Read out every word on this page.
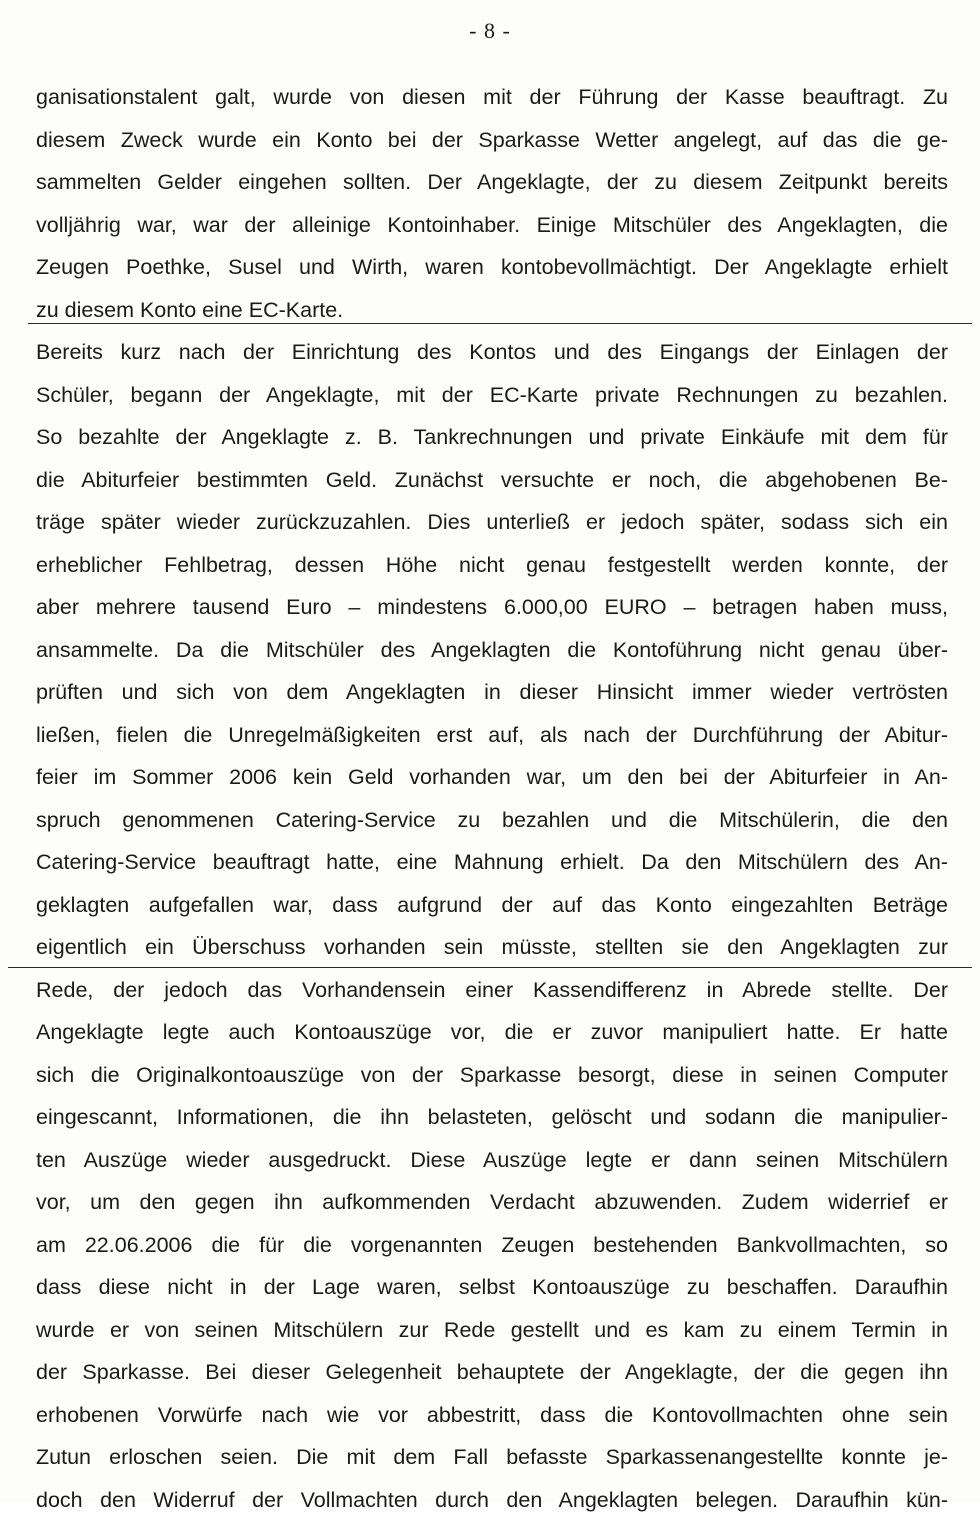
- 8 -
ganisationstalent galt, wurde von diesen mit der Führung der Kasse beauftragt. Zu
diesem Zweck wurde ein Konto bei der Sparkasse Wetter angelegt, auf das die ge-
sammelten Gelder eingehen sollten. Der Angeklagte, der zu diesem Zeitpunkt bereits
volljährig war, war der alleinige Kontoinhaber. Einige Mitschüler des Angeklagten, die
Zeugen Poethke, Susel und Wirth, waren kontobevollmächtigt. Der Angeklagte erhielt
zu diesem Konto eine EC-Karte.
Bereits kurz nach der Einrichtung des Kontos und des Eingangs der Einlagen der
Schüler, begann der Angeklagte, mit der EC-Karte private Rechnungen zu bezahlen.
So bezahlte der Angeklagte z. B. Tankrechnungen und private Einkäufe mit dem für
die Abiturfeier bestimmten Geld. Zunächst versuchte er noch, die abgehobenen Be-
träge später wieder zurückzuzahlen. Dies unterließ er jedoch später, sodass sich ein
erheblicher Fehlbetrag, dessen Höhe nicht genau festgestellt werden konnte, der
aber mehrere tausend Euro – mindestens 6.000,00 EURO – betragen haben muss,
ansammelte. Da die Mitschüler des Angeklagten die Kontoführung nicht genau über-
prüften und sich von dem Angeklagten in dieser Hinsicht immer wieder vertrösten
ließen, fielen die Unregelmäßigkeiten erst auf, als nach der Durchführung der Abitur-
feier im Sommer 2006 kein Geld vorhanden war, um den bei der Abiturfeier in An-
spruch genommenen Catering-Service zu bezahlen und die Mitschülerin, die den
Catering-Service beauftragt hatte, eine Mahnung erhielt. Da den Mitschülern des An-
geklagten aufgefallen war, dass aufgrund der auf das Konto eingezahlten Beträge
eigentlich ein Überschuss vorhanden sein müsste, stellten sie den Angeklagten zur
Rede, der jedoch das Vorhandensein einer Kassendifferenz in Abrede stellte. Der
Angeklagte legte auch Kontoauszüge vor, die er zuvor manipuliert hatte. Er hatte
sich die Originalkontoauszüge von der Sparkasse besorgt, diese in seinen Computer
eingescannt, Informationen, die ihn belasteten, gelöscht und sodann die manipulier-
ten Auszüge wieder ausgedruckt. Diese Auszüge legte er dann seinen Mitschülern
vor, um den gegen ihn aufkommenden Verdacht abzuwenden. Zudem widerrief er
am 22.06.2006 die für die vorgenannten Zeugen bestehenden Bankvollmachten, so
dass diese nicht in der Lage waren, selbst Kontoauszüge zu beschaffen. Daraufhin
wurde er von seinen Mitschülern zur Rede gestellt und es kam zu einem Termin in
der Sparkasse. Bei dieser Gelegenheit behauptete der Angeklagte, der die gegen ihn
erhobenen Vorwürfe nach wie vor abbestritt, dass die Kontovollmachten ohne sein
Zutun erloschen seien. Die mit dem Fall befasste Sparkassenangestellte konnte je-
doch den Widerruf der Vollmachten durch den Angeklagten belegen. Daraufhin kün-
